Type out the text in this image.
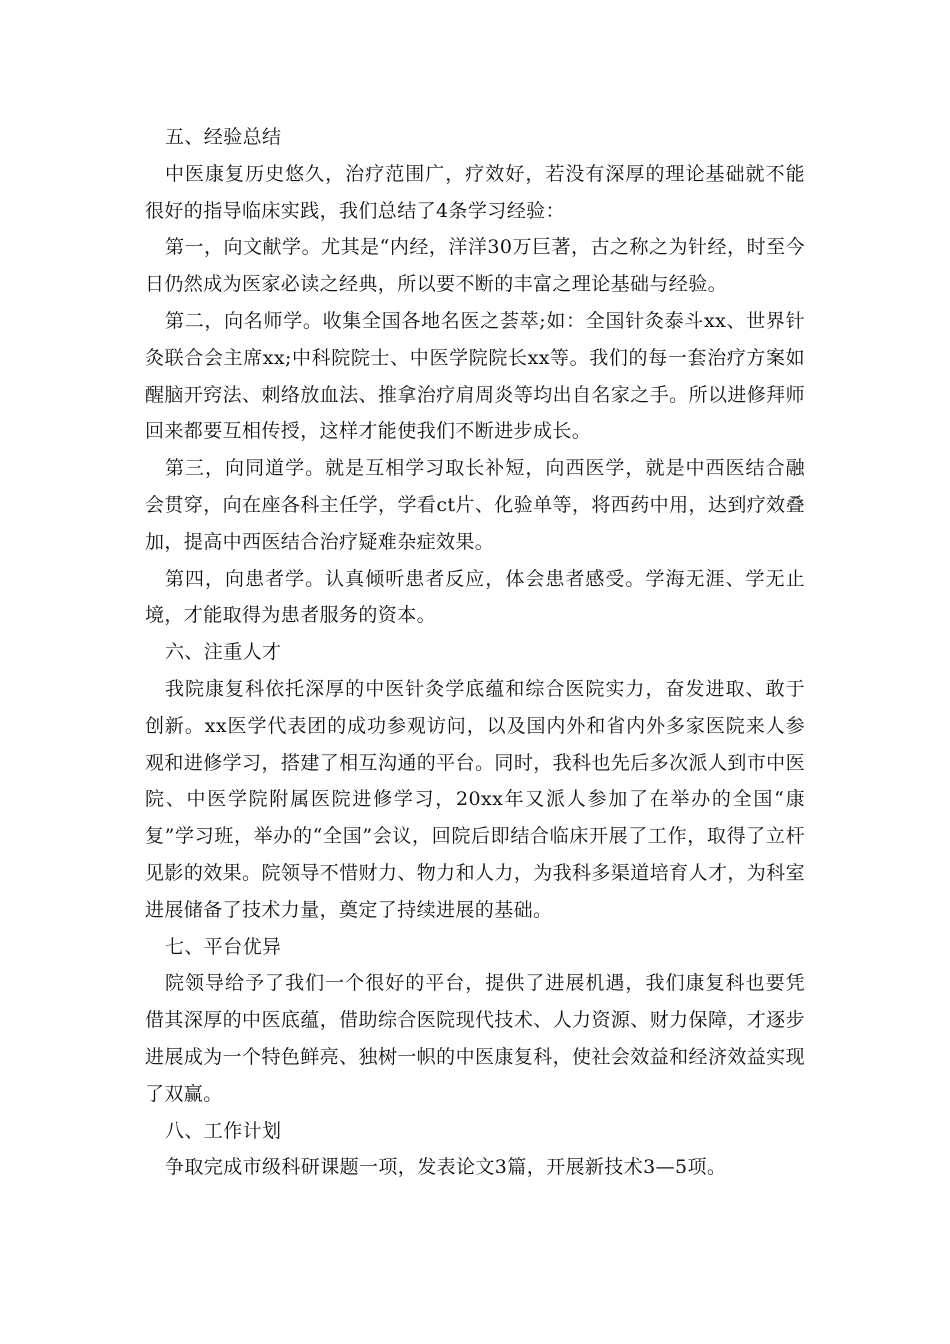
五、经验总结

中医康复历史悠久，治疗范围广，疗效好，若没有深厚的理论基础就不能很好的指导临床实践，我们总结了4条学习经验：

第一，向文献学。尤其是“内经，洋洋30万巨著，古之称之为针经，时至今日仍然成为医家必读之经典，所以要不断的丰富之理论基础与经验。

第二，向名师学。收集全国各地名医之荟萃;如：全国针灸泰斗xx、世界针灸联合会主席xx;中科院院士、中医学院院长xx等。我们的每一套治疗方案如醒脑开窍法、刺络放血法、推拿治疗肩周炎等均出自名家之手。所以进修拜师回来都要互相传授，这样才能使我们不断进步成长。

第三，向同道学。就是互相学习取长补短，向西医学，就是中西医结合融会贯穿，向在座各科主任学，学看ct片、化验单等，将西药中用，达到疗效叠加，提高中西医结合治疗疑难杂症效果。

第四，向患者学。认真倾听患者反应，体会患者感受。学海无涯、学无止境，才能取得为患者服务的资本。

六、注重人才

我院康复科依托深厚的中医针灸学底蕴和综合医院实力，奋发进取、敢于创新。xx医学代表团的成功参观访问，以及国内外和省内外多家医院来人参观和进修学习，搭建了相互沟通的平台。同时，我科也先后多次派人到市中医院、中医学院附属医院进修学习，20xx年又派人参加了在举办的全国“康复”学习班，举办的“全国”会议，回院后即结合临床开展了工作，取得了立杆见影的效果。院领导不惜财力、物力和人力，为我科多渠道培育人才，为科室进展储备了技术力量，奠定了持续进展的基础。

七、平台优异

院领导给予了我们一个很好的平台，提供了进展机遇，我们康复科也要凭借其深厚的中医底蕴，借助综合医院现代技术、人力资源、财力保障，才逐步进展成为一个特色鲜亮、独树一帜的中医康复科，使社会效益和经济效益实现了双赢。

八、工作计划

争取完成市级科研课题一项，发表论文3篇，开展新技术3—5项。
